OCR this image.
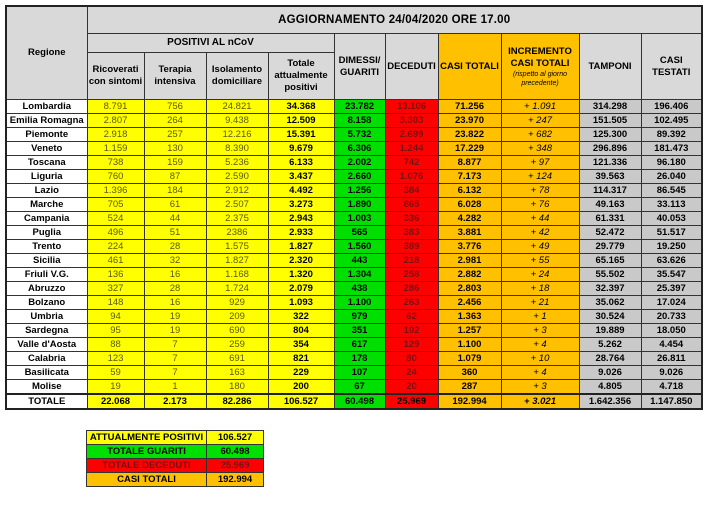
Regione	AGGIORNAMENTO 24/04/2020 ORE 17.00									
	POSITIVI AL nCoV				DIMESSI/ GUARITI	DECEDUTI	CASI TOTALI	INCREMENTO CASI TOTALI
(rispetto al giorno precedente)	TAMPONI	CASI TESTATI
	Ricoverati con sintomi	Terapia intensiva	Isolamento domiciliare	Totale attualmente positivi						
Lombardia	8.791	756	24.821	34.368	23.782	13.106	71.256	+ 1.091	314.298	196.406
Emilia Romagna	2.807	264	9.438	12.509	8.158	3.303	23.970	+ 247	151.505	102.495
Piemonte	2.918	257	12.216	15.391	5.732	2.699	23.822	+ 682	125.300	89.392
Veneto	1.159	130	8.390	9.679	6.306	1.244	17.229	+ 348	296.896	181.473
Toscana	738	159	5.236	6.133	2.002	742	8.877	+ 97	121.336	96.180
Liguria	760	87	2.590	3.437	2.660	1.076	7.173	+ 124	39.563	26.040
Lazio	1.396	184	2.912	4.492	1.256	384	6.132	+ 78	114.317	86.545
Marche	705	61	2.507	3.273	1.890	865	6.028	+ 76	49.163	33.113
Campania	524	44	2.375	2.943	1.003	336	4.282	+ 44	61.331	40.053
Puglia	496	51	2386	2.933	565	383	3.881	+ 42	52.472	51.517
Trento	224	28	1.575	1.827	1.560	389	3.776	+ 49	29.779	19.250
Sicilia	461	32	1.827	2.320	443	218	2.981	+ 55	65.165	63.626
Friuli V.G.	136	16	1.168	1.320	1.304	258	2.882	+ 24	55.502	35.547
Abruzzo	327	28	1.724	2.079	438	286	2.803	+ 18	32.397	25.397
Bolzano	148	16	929	1.093	1.100	263	2.456	+ 21	35.062	17.024
Umbria	94	19	209	322	979	62	1.363	+ 1	30.524	20.733
Sardegna	95	19	690	804	351	102	1.257	+ 3	19.889	18.050
Valle d'Aosta	88	7	259	354	617	129	1.100	+ 4	5.262	4.454
Calabria	123	7	691	821	178	80	1.079	+ 10	28.764	26.811
Basilicata	59	7	163	229	107	24	360	+ 4	9.026	9.026
Molise	19	1	180	200	67	20	287	+ 3	4.805	4.718
TOTALE	22.068	2.173	82.286	106.527	60.498	25.969	192.994	+ 3.021	1.642.356	1.147.850
ATTUALMENTE POSITIVI	106.527
TOTALE GUARITI	60.498
TOTALE DECEDUTI	25.969
CASI TOTALI	192.994
